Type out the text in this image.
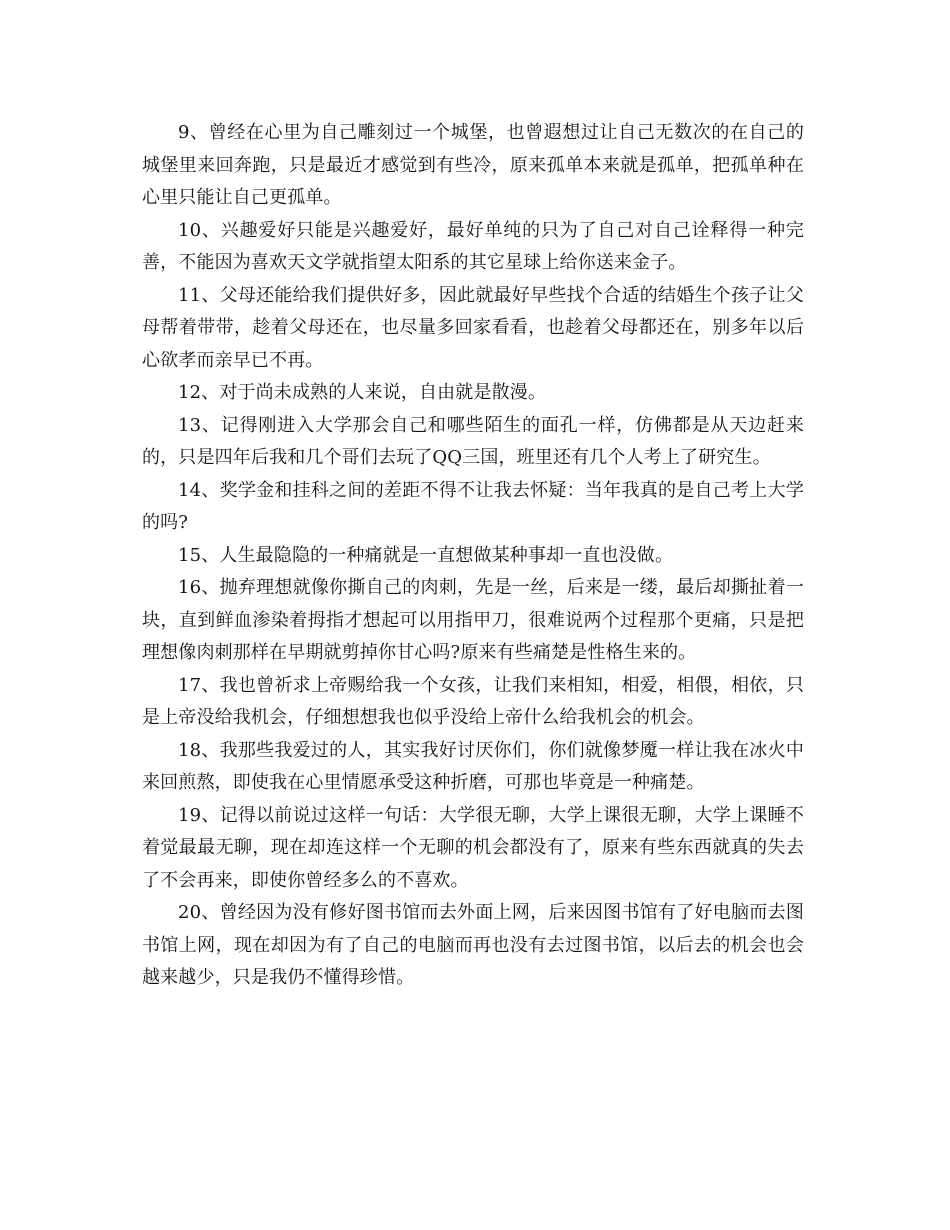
9、曾经在心里为自己雕刻过一个城堡，也曾遐想过让自己无数次的在自己的城堡里来回奔跑，只是最近才感觉到有些冷，原来孤单本来就是孤单，把孤单种在心里只能让自己更孤单。

10、兴趣爱好只能是兴趣爱好，最好单纯的只为了自己对自己诠释得一种完善，不能因为喜欢天文学就指望太阳系的其它星球上给你送来金子。

11、父母还能给我们提供好多，因此就最好早些找个合适的结婚生个孩子让父母帮着带带，趁着父母还在，也尽量多回家看看，也趁着父母都还在，别多年以后心欲孝而亲早已不再。

12、对于尚未成熟的人来说，自由就是散漫。

13、记得刚进入大学那会自己和哪些陌生的面孔一样，仿佛都是从天边赶来的，只是四年后我和几个哥们去玩了QQ三国，班里还有几个人考上了研究生。

14、奖学金和挂科之间的差距不得不让我去怀疑：当年我真的是自己考上大学的吗?

15、人生最隐隐的一种痛就是一直想做某种事却一直也没做。

16、抛弃理想就像你撕自己的肉刺，先是一丝，后来是一缕，最后却撕扯着一块，直到鲜血渗染着拇指才想起可以用指甲刀，很难说两个过程那个更痛，只是把理想像肉刺那样在早期就剪掉你甘心吗?原来有些痛楚是性格生来的。

17、我也曾祈求上帝赐给我一个女孩，让我们来相知，相爱，相偎，相依，只是上帝没给我机会，仔细想想我也似乎没给上帝什么给我机会的机会。

18、我那些我爱过的人，其实我好讨厌你们，你们就像梦魇一样让我在冰火中来回煎熬，即使我在心里情愿承受这种折磨，可那也毕竟是一种痛楚。

19、记得以前说过这样一句话：大学很无聊，大学上课很无聊，大学上课睡不着觉最最无聊，现在却连这样一个无聊的机会都没有了，原来有些东西就真的失去了不会再来，即使你曾经多么的不喜欢。

20、曾经因为没有修好图书馆而去外面上网，后来因图书馆有了好电脑而去图书馆上网，现在却因为有了自己的电脑而再也没有去过图书馆，以后去的机会也会越来越少，只是我仍不懂得珍惜。
